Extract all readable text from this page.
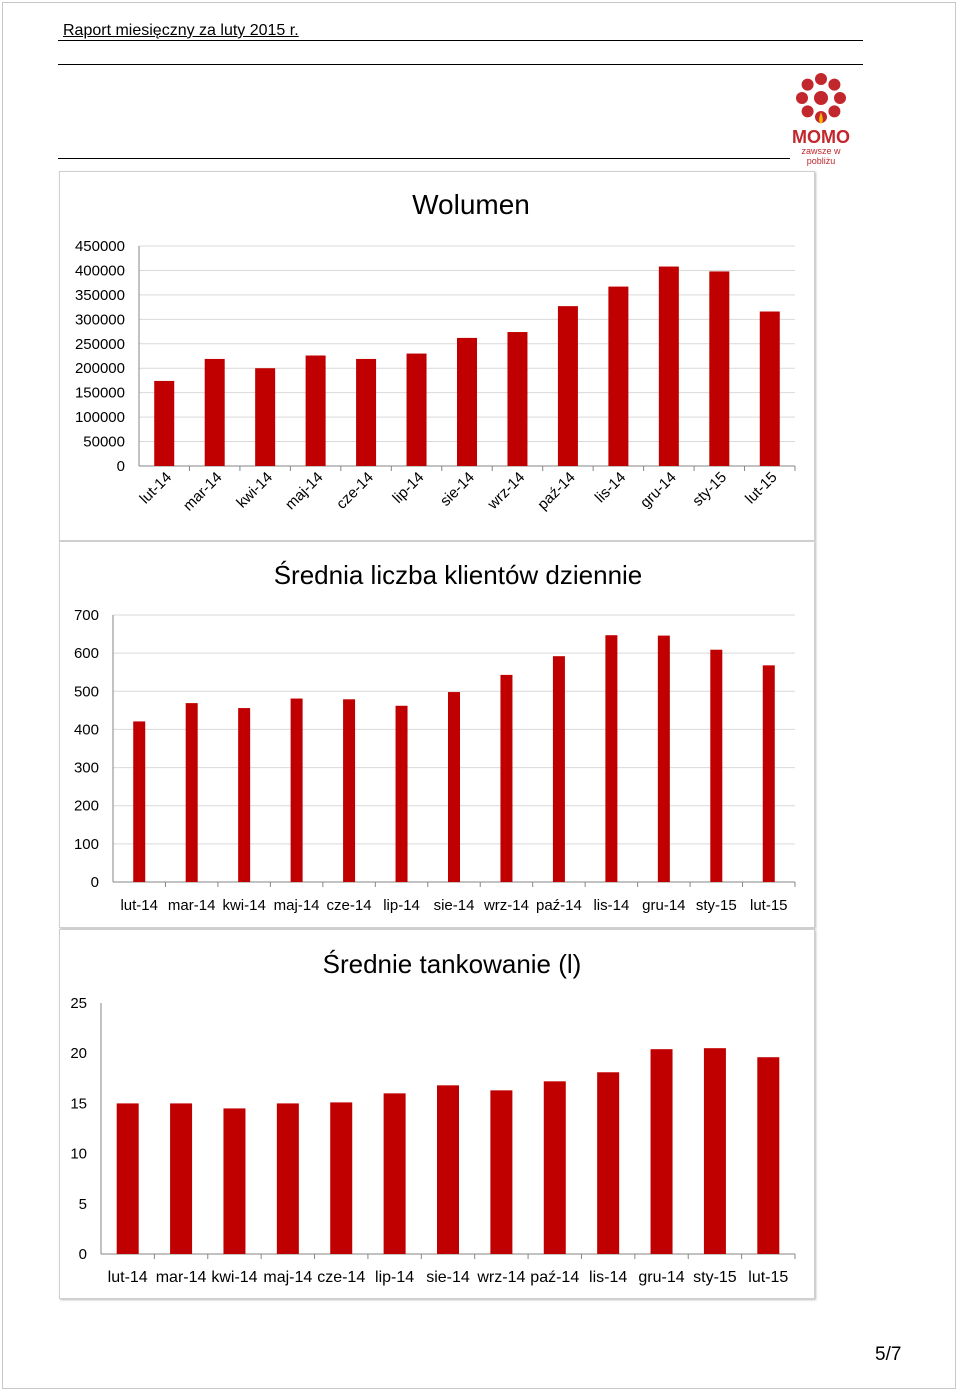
Raport miesięczny za luty 2015 r.
MOMO
zawsze w pobliżu
Wolumen
0
50000
100000
150000
200000
250000
300000
350000
400000
450000
lut-14 mar-14 kwi-14 maj-14 cze-14 lip-14 sie-14 wrz-14 paź-14 lis-14 gru-14 sty-15 lut-15
Średnia liczba klientów dziennie
0
100
200
300
400
500
600
700
lut-14 mar-14 kwi-14 maj-14 cze-14 lip-14 sie-14 wrz-14 paź-14 lis-14 gru-14 sty-15 lut-15
Średnie tankowanie (l)
0
5
10
15
20
25
lut-14 mar-14 kwi-14 maj-14 cze-14 lip-14 sie-14 wrz-14 paź-14 lis-14 gru-14 sty-15 lut-15
5/7
